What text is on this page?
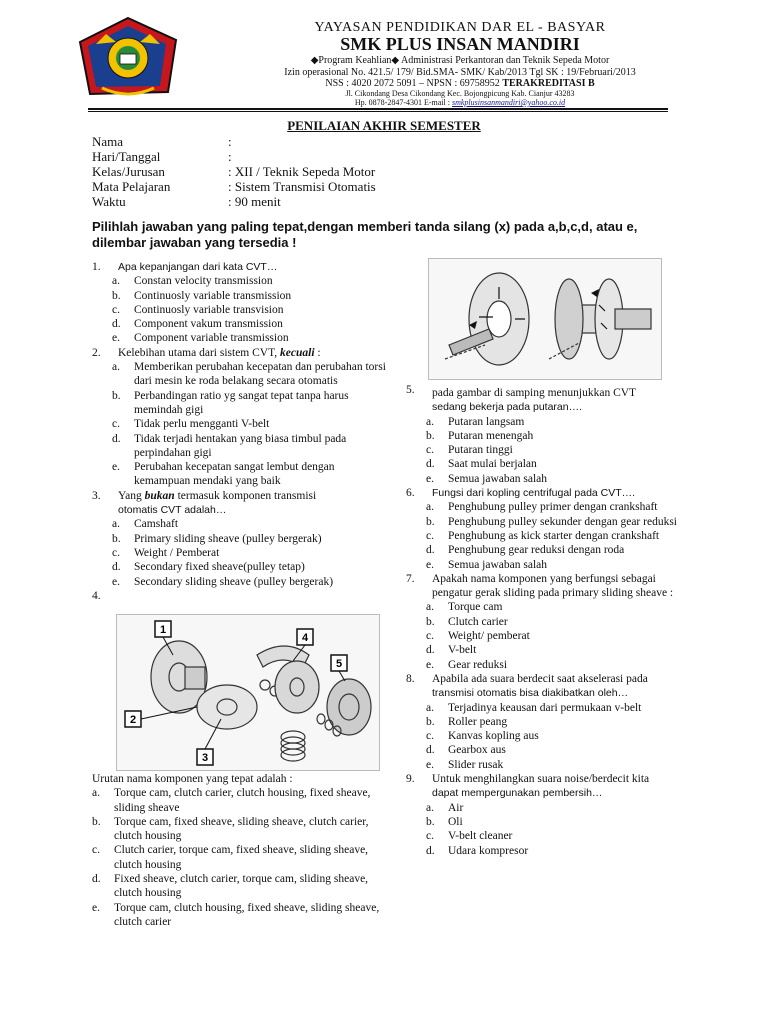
YAYASAN PENDIDIKAN DAR EL - BASYAR
SMK PLUS INSAN MANDIRI
◆Program Keahlian◆ Administrasi Perkantoran dan Teknik Sepeda Motor
Izin operasional No. 421.5/ 179/ Bid.SMA- SMK/ Kab/2013 Tgl SK : 19/Februari/2013
NSS : 4020 2072 5091 – NPSN : 69758952 TERAKREDITASI B
Jl. Cikondang Desa Cikondang Kec. Bojongpicung Kab. Cianjur 43283
Hp. 0878-2847-4301 E-mail : smkplusinsanmandiri@yahoo.co.id
PENILAIAN AKHIR SEMESTER
Nama	:
Hari/Tanggal	:
Kelas/Jurusan	: XII / Teknik Sepeda Motor
Mata Pelajaran	: Sistem Transmisi Otomatis
Waktu	: 90 menit
Pilihlah jawaban yang paling tepat,dengan memberi tanda silang (x) pada a,b,c,d, atau e, dilembar jawaban yang tersedia !
1.	Apa kepanjangan dari kata CVT…
a.	Constan velocity transmission
b.	Continuosly variable transmission
c.	Continuosly variable transvision
d.	Component vakum transmission
e.	Component variable transmission
2.	Kelebihan utama dari sistem CVT, kecuali :
a.	Memberikan perubahan kecepatan dan perubahan torsi dari mesin ke roda belakang secara otomatis
b.	Perbandingan ratio yg sangat tepat tanpa harus memindah gigi
c.	Tidak perlu mengganti V-belt
d.	Tidak terjadi hentakan yang biasa timbul pada perpindahan gigi
e.	Perubahan kecepatan sangat lembut dengan kemampuan mendaki yang baik
3.	Yang bukan termasuk komponen transmisi
otomatis CVT adalah…
a.	Camshaft
b.	Primary sliding sheave (pulley bergerak)
c.	Weight / Pemberat
d.	Secondary fixed sheave(pulley tetap)
e.	Secondary sliding sheave (pulley bergerak)
4.
1
2
3
4
5
Urutan nama komponen yang tepat adalah :
a.	Torque cam, clutch carier, clutch housing, fixed sheave, sliding sheave
b.	Torque cam, fixed sheave, sliding sheave, clutch carier, clutch housing
c.	Clutch carier, torque cam, fixed sheave, sliding sheave, clutch housing
d.	Fixed sheave, clutch carier, torque cam, sliding sheave, clutch housing
e.	Torque cam, clutch housing, fixed sheave, sliding sheave, clutch carier
5. pada gambar di samping menunjukkan CVT
sedang bekerja pada putaran….
a.	Putaran langsam
b.	Putaran menengah
c.	Putaran tinggi
d.	Saat mulai berjalan
e.	Semua jawaban salah
6.	Fungsi dari kopling centrifugal pada CVT….
a.	Penghubung pulley primer dengan crankshaft
b.	Penghubung pulley sekunder dengan gear reduksi
c.	Penghubung as kick starter dengan crankshaft
d.	Penghubung gear reduksi dengan roda
e.	Semua jawaban salah
7.	Apakah nama komponen yang berfungsi sebagai pengatur gerak sliding pada primary sliding sheave :
a.	Torque cam
b.	Clutch carier
c.	Weight/ pemberat
d.	V-belt
e.	Gear reduksi
8.	Apabila ada suara berdecit saat akselerasi pada
transmisi otomatis bisa diakibatkan oleh…
a.	Terjadinya keausan dari permukaan v-belt
b.	Roller peang
c.	Kanvas kopling aus
d.	Gearbox aus
e.	Slider rusak
9.	Untuk menghilangkan suara noise/berdecit kita
dapat mempergunakan pembersih…
a.	Air
b.	Oli
c.	V-belt cleaner
d.	Udara kompresor
